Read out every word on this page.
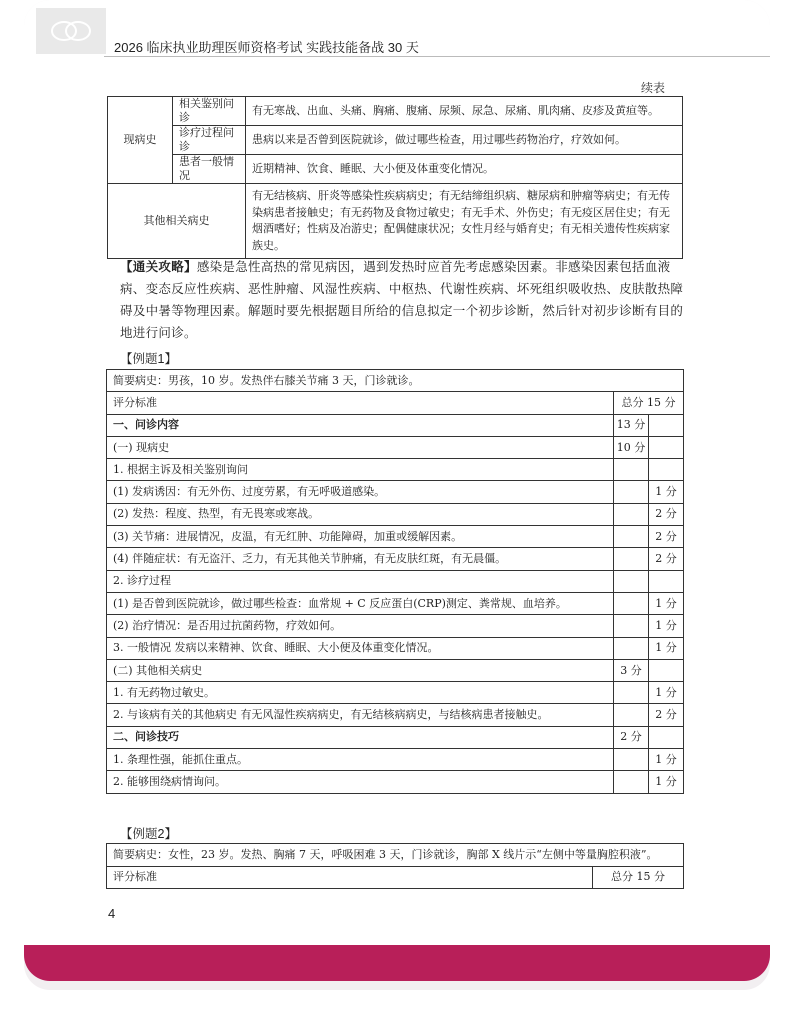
2026 临床执业助理医师资格考试 实践技能备战 30 天
续表
现病史	相关鉴别问诊	有无寒战、出血、头痛、胸痛、腹痛、尿频、尿急、尿痛、肌肉痛、皮疹及黄疸等。
	诊疗过程问诊	患病以来是否曾到医院就诊，做过哪些检查，用过哪些药物治疗，疗效如何。
	患者一般情况	近期精神、饮食、睡眠、大小便及体重变化情况。
其他相关病史		有无结核病、肝炎等感染性疾病病史；有无结缔组织病、糖尿病和肿瘤等病史；有无传染病患者接触史；有无药物及食物过敏史；有无手术、外伤史；有无疫区居住史；有无烟酒嗜好；性病及冶游史；配偶健康状况；女性月经与婚育史；有无相关遗传性疾病家族史。
【通关攻略】感染是急性高热的常见病因，遇到发热时应首先考虑感染因素。非感染因素包括血液病、变态反应性疾病、恶性肿瘤、风湿性疾病、中枢热、代谢性疾病、坏死组织吸收热、皮肤散热障碍及中暑等物理因素。解题时要先根据题目所给的信息拟定一个初步诊断，然后针对初步诊断有目的地进行问诊。
【例题1】
简要病史：男孩，10 岁。发热伴右膝关节痛 3 天，门诊就诊。		
评分标准	总分 15 分	
一、问诊内容	13 分	
(一) 现病史	10 分	
1. 根据主诉及相关鉴别询问		
(1) 发病诱因：有无外伤、过度劳累，有无呼吸道感染。		1 分
(2) 发热：程度、热型，有无畏寒或寒战。		2 分
(3) 关节痛：进展情况，皮温，有无红肿、功能障碍，加重或缓解因素。		2 分
(4) 伴随症状：有无盗汗、乏力，有无其他关节肿痛，有无皮肤红斑，有无晨僵。		2 分
2. 诊疗过程		
(1) 是否曾到医院就诊，做过哪些检查：血常规 + C 反应蛋白(CRP)测定、粪常规、血培养。		1 分
(2) 治疗情况：是否用过抗菌药物，疗效如何。		1 分
3. 一般情况 发病以来精神、饮食、睡眠、大小便及体重变化情况。		1 分
(二) 其他相关病史	3 分	
1. 有无药物过敏史。		1 分
2. 与该病有关的其他病史 有无风湿性疾病病史，有无结核病病史，与结核病患者接触史。		2 分
二、问诊技巧	2 分	
1. 条理性强，能抓住重点。		1 分
2. 能够围绕病情询问。		1 分
【例题2】
简要病史：女性，23 岁。发热、胸痛 7 天，呼吸困难 3 天，门诊就诊，胸部 X 线片示“左侧中等量胸腔积液”。
评分标准	总分 15 分
4
